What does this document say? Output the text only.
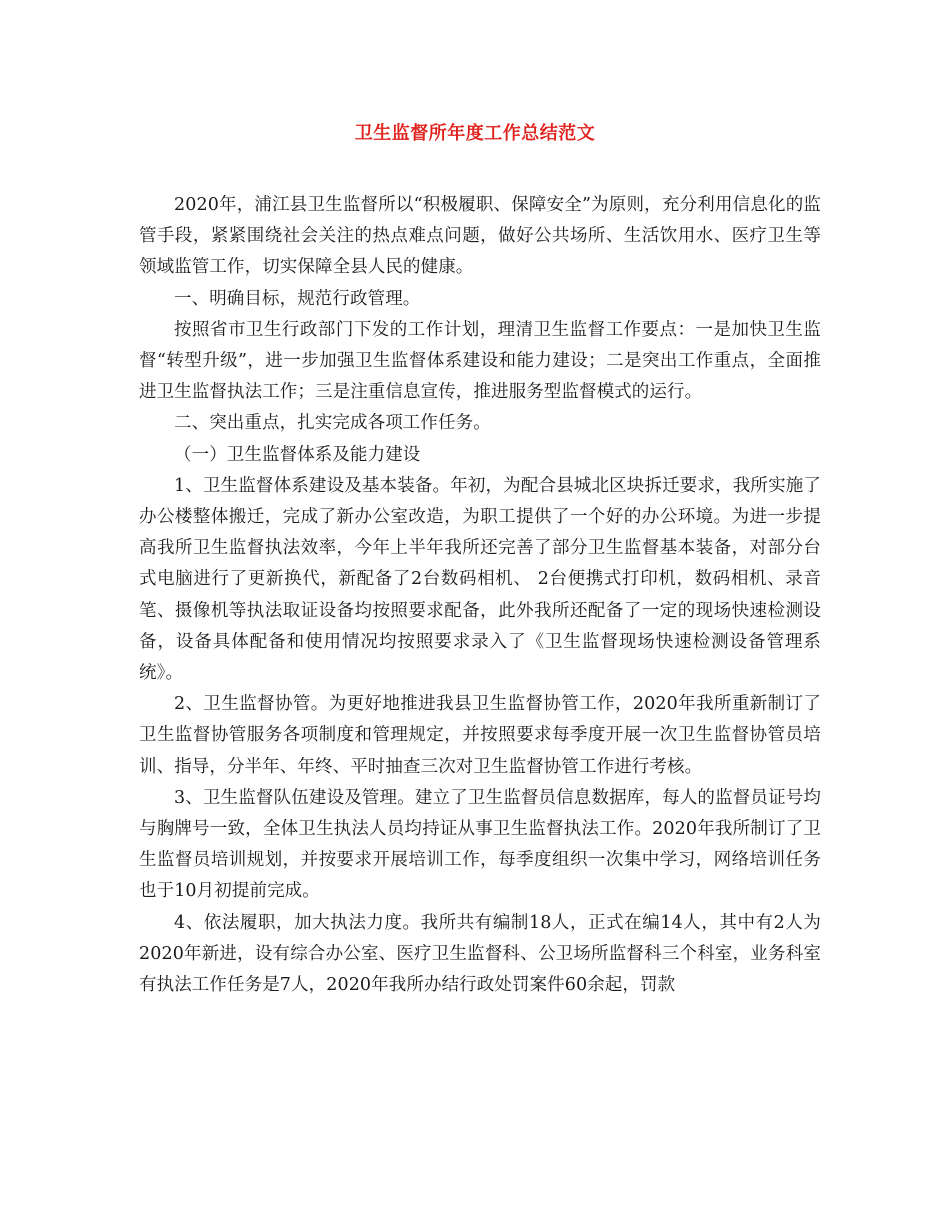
卫生监督所年度工作总结范文

2020年，浦江县卫生监督所以“积极履职、保障安全”为原则，充分利用信息化的监管手段，紧紧围绕社会关注的热点难点问题，做好公共场所、生活饮用水、医疗卫生等领域监管工作，切实保障全县人民的健康。

一、明确目标，规范行政管理。

按照省市卫生行政部门下发的工作计划，理清卫生监督工作要点：一是加快卫生监督“转型升级”，进一步加强卫生监督体系建设和能力建设；二是突出工作重点，全面推进卫生监督执法工作；三是注重信息宣传，推进服务型监督模式的运行。

二、突出重点，扎实完成各项工作任务。

（一）卫生监督体系及能力建设

1、卫生监督体系建设及基本装备。年初，为配合县城北区块拆迁要求，我所实施了办公楼整体搬迁，完成了新办公室改造，为职工提供了一个好的办公环境。为进一步提高我所卫生监督执法效率，今年上半年我所还完善了部分卫生监督基本装备，对部分台式电脑进行了更新换代，新配备了2台数码相机、 2台便携式打印机，数码相机、录音笔、摄像机等执法取证设备均按照要求配备，此外我所还配备了一定的现场快速检测设备，设备具体配备和使用情况均按照要求录入了《卫生监督现场快速检测设备管理系统》。

2、卫生监督协管。为更好地推进我县卫生监督协管工作，2020年我所重新制订了卫生监督协管服务各项制度和管理规定，并按照要求每季度开展一次卫生监督协管员培训、指导，分半年、年终、平时抽查三次对卫生监督协管工作进行考核。

3、卫生监督队伍建设及管理。建立了卫生监督员信息数据库，每人的监督员证号均与胸牌号一致，全体卫生执法人员均持证从事卫生监督执法工作。2020年我所制订了卫生监督员培训规划，并按要求开展培训工作，每季度组织一次集中学习，网络培训任务也于10月初提前完成。

4、依法履职，加大执法力度。我所共有编制18人，正式在编14人，其中有2人为2020年新进，设有综合办公室、医疗卫生监督科、公卫场所监督科三个科室，业务科室有执法工作任务是7人，2020年我所办结行政处罚案件60余起，罚款
